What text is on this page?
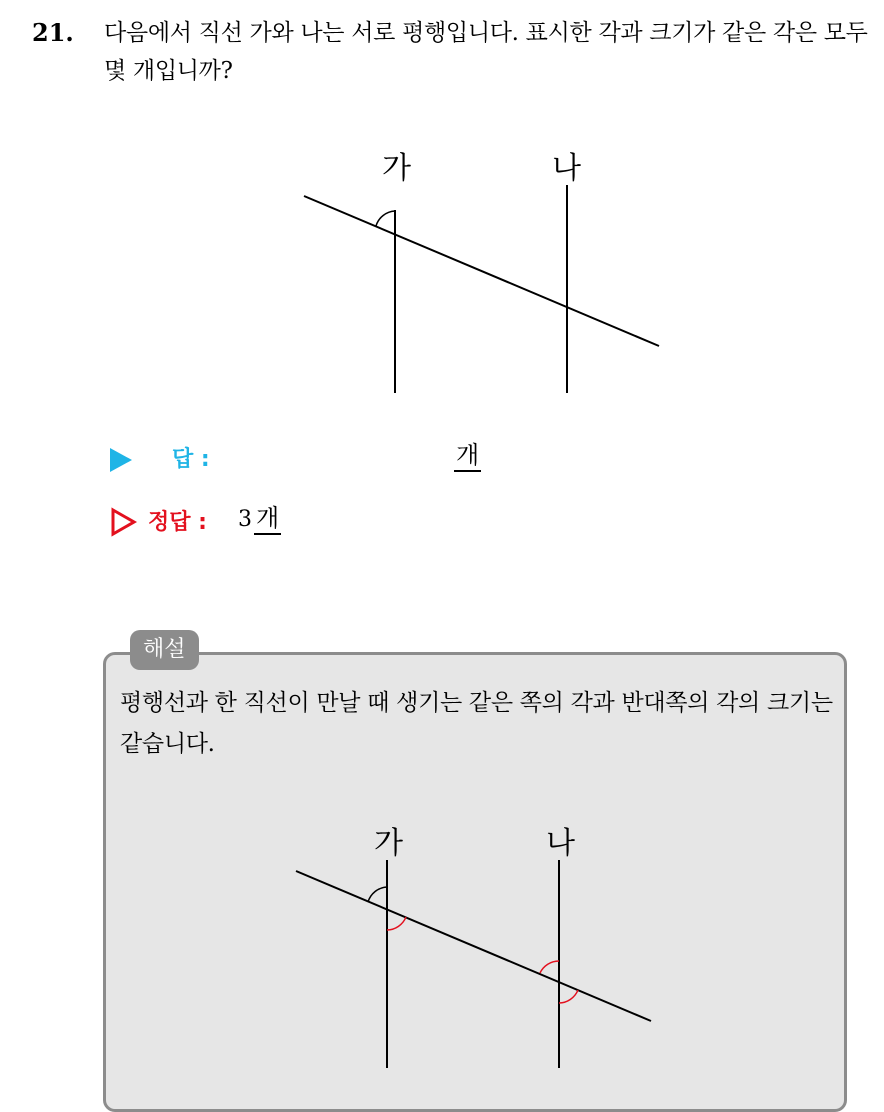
21. 다음에서 직선 가와 나는 서로 평행입니다. 표시한 각과 크기가 같은 각은 모두 몇 개입니까?
가	나
답 :	개
정답 : 3 개
해설
평행선과 한 직선이 만날 때 생기는 같은 쪽의 각과 반대쪽의 각의 크기는 같습니다.
가	나
